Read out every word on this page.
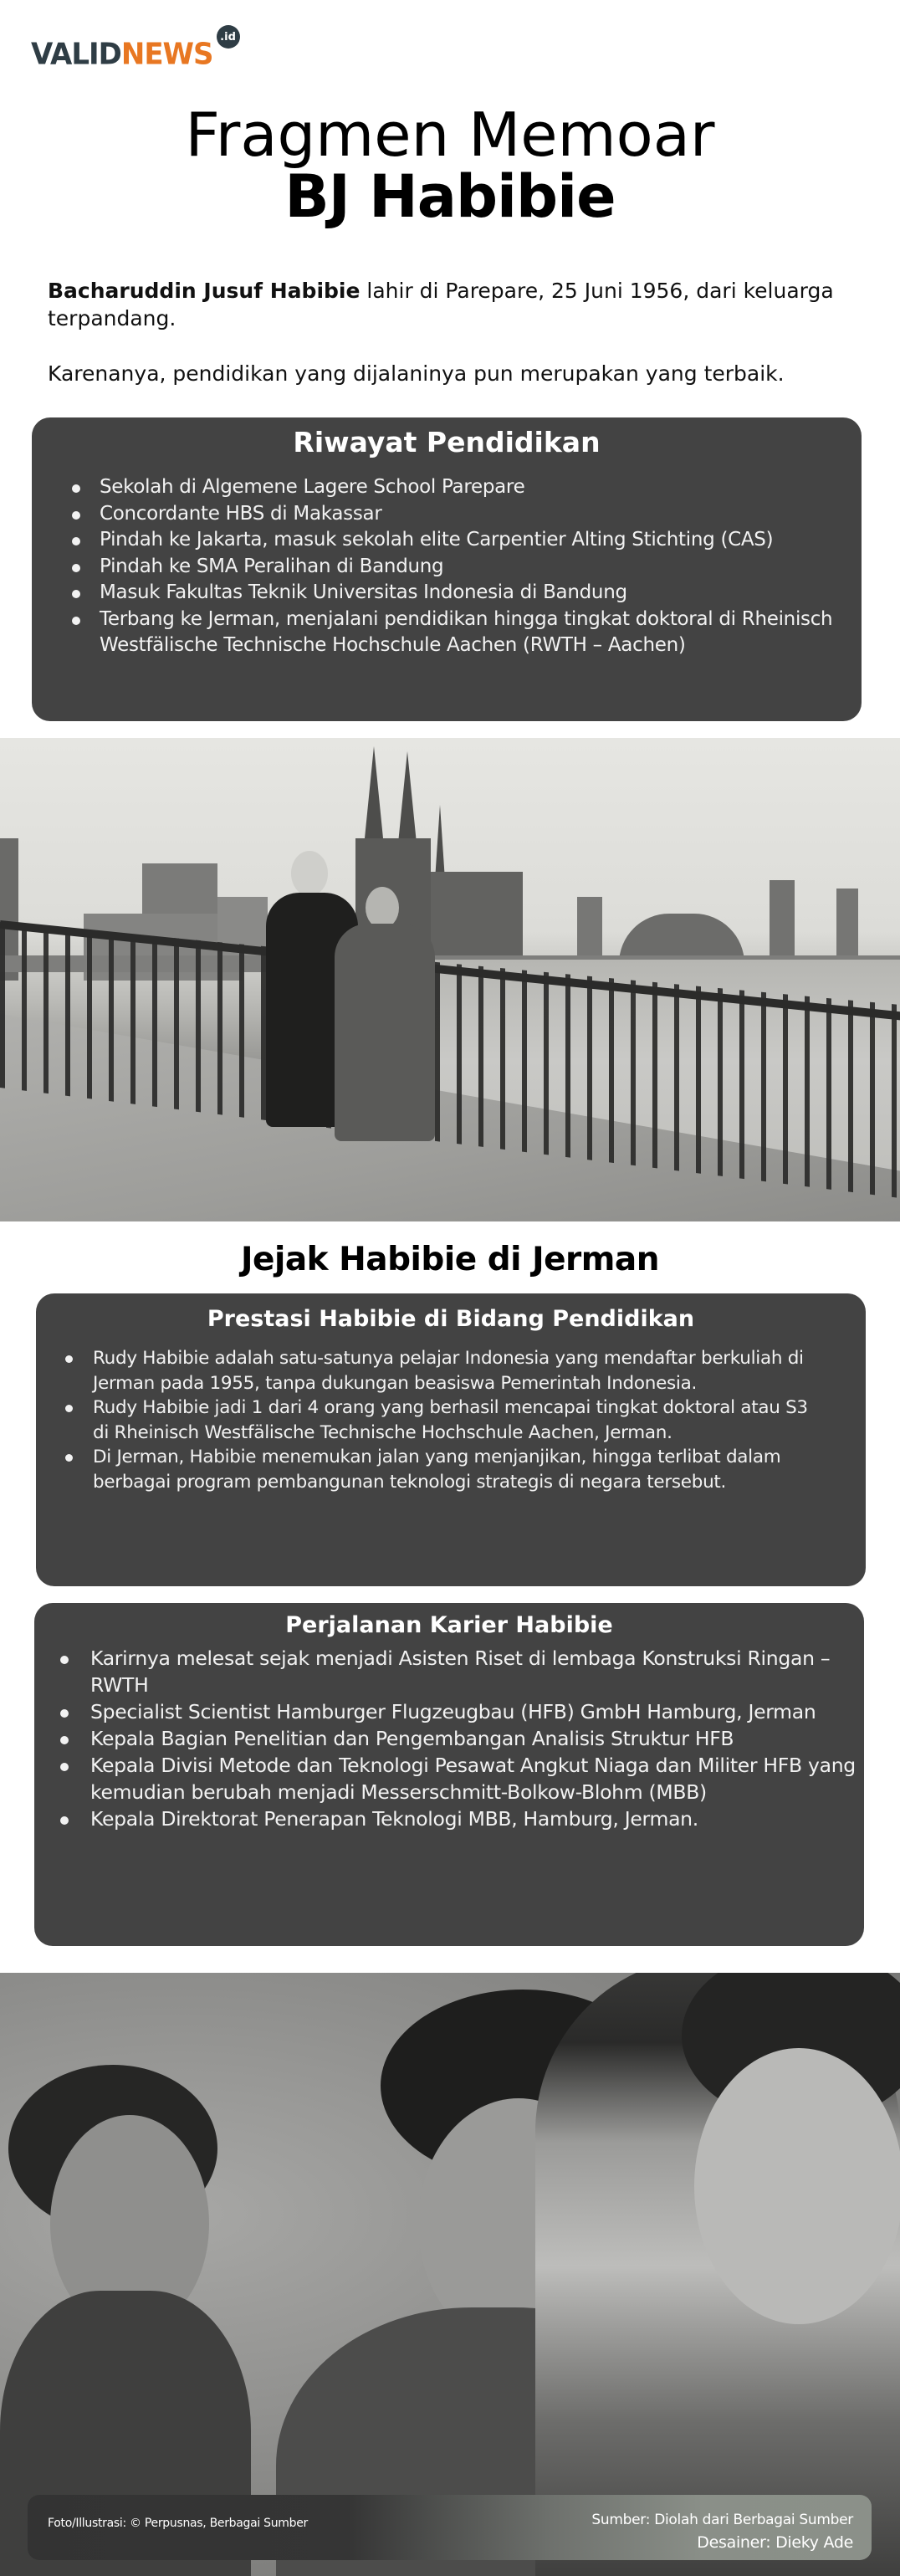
VALID NEWS .id
Fragmen Memoar
BJ Habibie

Bacharuddin Jusuf Habibie lahir di Parepare, 25 Juni 1956, dari keluarga terpandang.

Karenanya, pendidikan yang dijalaninya pun merupakan yang terbaik.

Riwayat Pendidikan
Sekolah di Algemene Lagere School Parepare
Concordante HBS di Makassar
Pindah ke Jakarta, masuk sekolah elite Carpentier Alting Stichting (CAS)
Pindah ke SMA Peralihan di Bandung
Masuk Fakultas Teknik Universitas Indonesia di Bandung
Terbang ke Jerman, menjalani pendidikan hingga tingkat doktoral di Rheinisch Westfälische Technische Hochschule Aachen (RWTH – Aachen)
Jejak Habibie di Jerman
Prestasi Habibie di Bidang Pendidikan
Rudy Habibie adalah satu-satunya pelajar Indonesia yang mendaftar berkuliah di Jerman pada 1955, tanpa dukungan beasiswa Pemerintah Indonesia.
Rudy Habibie jadi 1 dari 4 orang yang berhasil mencapai tingkat doktoral atau S3 di Rheinisch Westfälische Technische Hochschule Aachen, Jerman.
Di Jerman, Habibie menemukan jalan yang menjanjikan, hingga terlibat dalam berbagai program pembangunan teknologi strategis di negara tersebut.
Perjalanan Karier Habibie
Karirnya melesat sejak menjadi Asisten Riset di lembaga Konstruksi Ringan – RWTH
Specialist Scientist Hamburger Flugzeugbau (HFB) GmbH Hamburg, Jerman
Kepala Bagian Penelitian dan Pengembangan Analisis Struktur HFB
Kepala Divisi Metode dan Teknologi Pesawat Angkut Niaga dan Militer HFB yang kemudian berubah menjadi Messerschmitt-Bolkow-Blohm (MBB)
Kepala Direktorat Penerapan Teknologi MBB, Hamburg, Jerman.
Foto/Illustrasi: © Perpusnas, Berbagai Sumber	Sumber: Diolah dari Berbagai Sumber
Desainer: Dieky Ade
